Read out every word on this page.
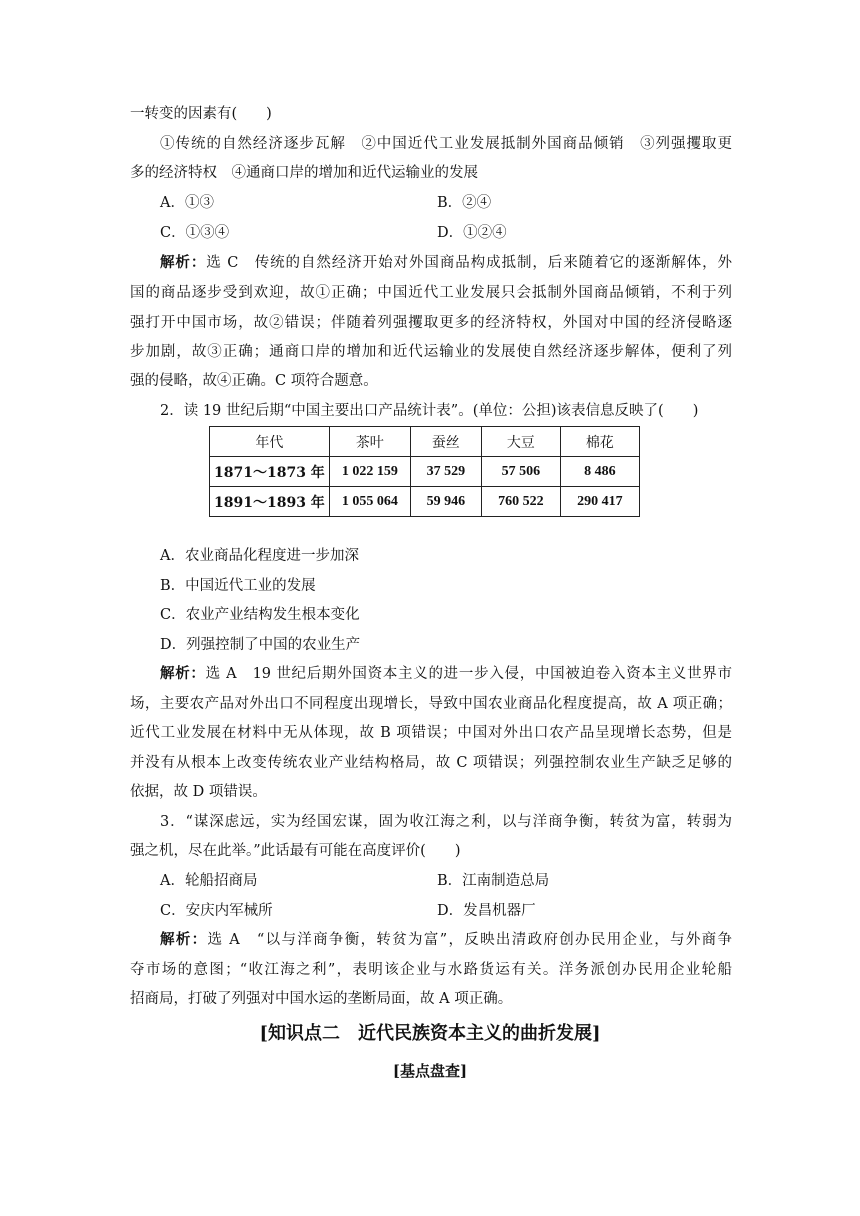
一转变的因素有(　　)
①传统的自然经济逐步瓦解　②中国近代工业发展抵制外国商品倾销　③列强攫取更
多的经济特权　④通商口岸的增加和近代运输业的发展
A．①③	B．②④
C．①③④	D．①②④
解析：选 C　传统的自然经济开始对外国商品构成抵制，后来随着它的逐渐解体，外
国的商品逐步受到欢迎，故①正确；中国近代工业发展只会抵制外国商品倾销，不利于列
强打开中国市场，故②错误；伴随着列强攫取更多的经济特权，外国对中国的经济侵略逐
步加剧，故③正确；通商口岸的增加和近代运输业的发展使自然经济逐步解体，便利了列
强的侵略，故④正确。C 项符合题意。
2．读 19 世纪后期“中国主要出口产品统计表”。(单位：公担)该表信息反映了(　　)
年代	茶叶	蚕丝	大豆	棉花
1871～1873 年	1 022 159	37 529	57 506	8 486
1891～1893 年	1 055 064	59 946	760 522	290 417
A．农业商品化程度进一步加深
B．中国近代工业的发展
C．农业产业结构发生根本变化
D．列强控制了中国的农业生产
解析：选 A　19 世纪后期外国资本主义的进一步入侵，中国被迫卷入资本主义世界市
场，主要农产品对外出口不同程度出现增长，导致中国农业商品化程度提高，故 A 项正确；
近代工业发展在材料中无从体现，故 B 项错误；中国对外出口农产品呈现增长态势，但是
并没有从根本上改变传统农业产业结构格局，故 C 项错误；列强控制农业生产缺乏足够的
依据，故 D 项错误。
3．“谋深虑远，实为经国宏谋，固为收江海之利，以与洋商争衡，转贫为富，转弱为
强之机，尽在此举。”此话最有可能在高度评价(　　)
A．轮船招商局	B．江南制造总局
C．安庆内军械所	D．发昌机器厂
解析：选 A　“以与洋商争衡，转贫为富”，反映出清政府创办民用企业，与外商争
夺市场的意图；“收江海之利”，表明该企业与水路货运有关。洋务派创办民用企业轮船
招商局，打破了列强对中国水运的垄断局面，故 A 项正确。
[知识点二　近代民族资本主义的曲折发展]
[基点盘查]
